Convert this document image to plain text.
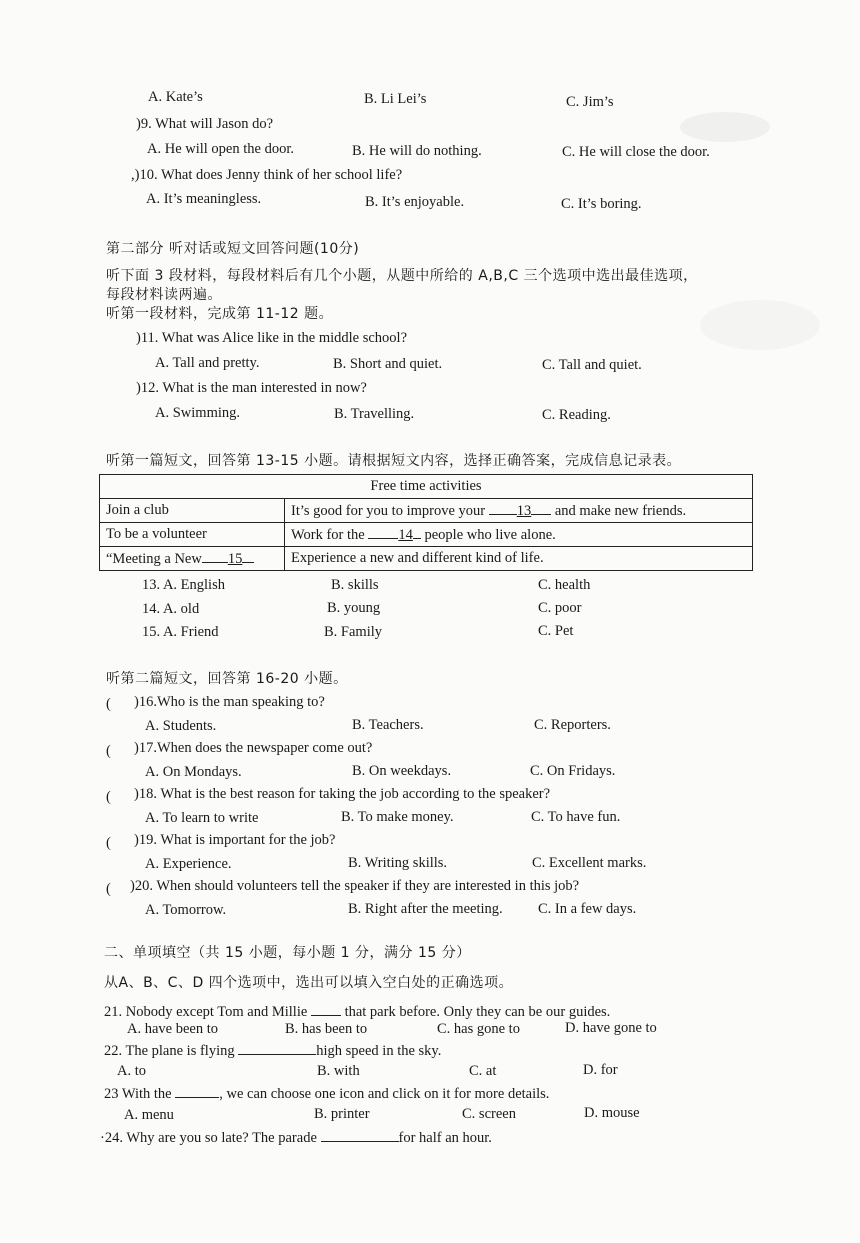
A. Kate’s	B. Li Lei’s	C. Jim’s
)9. What will Jason do?
A. He will open the door.	B. He will do nothing.	C. He will close the door.
,)10. What does Jenny think of her school life?
A. It’s meaningless.	B. It’s enjoyable.	C. It’s boring.
第二部分 听对话或短文回答问题(10分)
听下面 3 段材料，每段材料后有几个小题，从题中所给的 A,B,C 三个选项中选出最佳选项，
每段材料读两遍。
听第一段材料，完成第 11-12 题。
)11. What was Alice like in the middle school?
A. Tall and pretty.	B. Short and quiet.	C. Tall and quiet.
)12. What is the man interested in now?
A. Swimming.	B. Travelling.	C. Reading.
听第一篇短文，回答第 13-15 小题。请根据短文内容，选择正确答案，完成信息记录表。
Free time activities	
Join a club	It’s good for you to improve your 13 and make new friends.
To be a volunteer	Work for the 14 people who live alone.
“Meeting a New 15	Experience a new and different kind of life.
13. A. English	B. skills	C. health
14. A. old	B. young	C. poor
15. A. Friend	B. Family	C. Pet
听第二篇短文，回答第 16-20 小题。
( )16.Who is the man speaking to?
A. Students.	B. Teachers.	C. Reporters.
( )17.When does the newspaper come out?
A. On Mondays.	B. On weekdays.	C. On Fridays.
( )18. What is the best reason for taking the job according to the speaker?
A. To learn to write	B. To make money.	C. To have fun.
( )19. What is important for the job?
A. Experience.	B. Writing skills.	C. Excellent marks.
( )20. When should volunteers tell the speaker if they are interested in this job?
A. Tomorrow.	B. Right after the meeting. C. In a few days.
二、单项填空（共 15 小题，每小题 1 分，满分 15 分）
从A、B、C、D 四个选项中，选出可以填入空白处的正确选项。
21. Nobody except Tom and Millie  that park before. Only they can be our guides.
A. have been to	B. has been to	C. has gone to	D. have gone to
22. The plane is flying	high speed in the sky.
A. to	B. with	C. at	D. for
23 With the	, we can choose one icon and click on it for more details.
A. menu	B. printer	C. screen	D. mouse
·24. Why are you so late? The parade	for half an hour.
